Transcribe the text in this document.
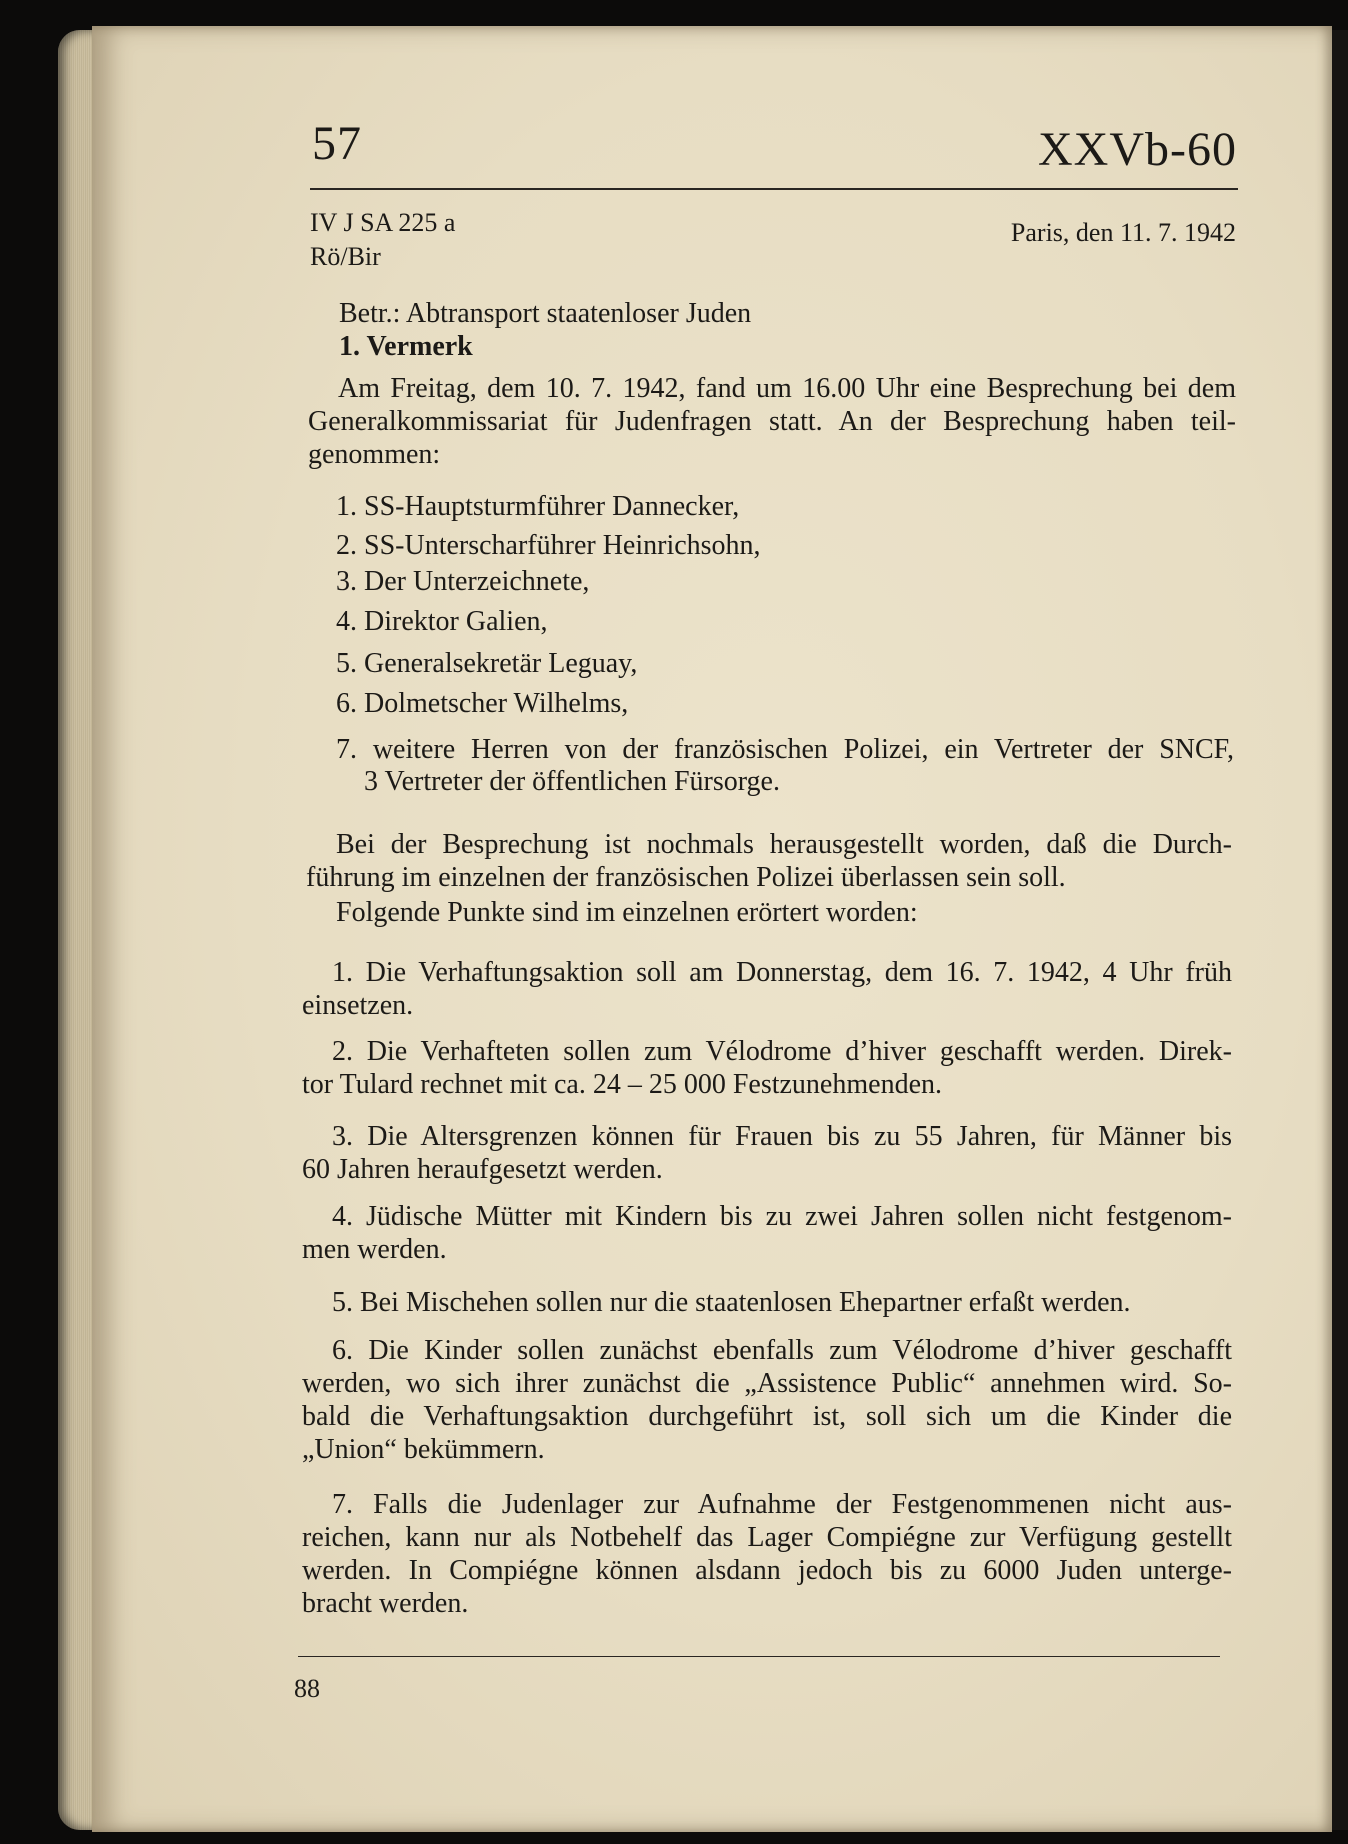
57	XXVb-60

IV J SA 225 a

Rö/Bir

Paris, den 11. 7. 1942

Betr.: Abtransport staatenloser Juden

1. Vermerk

Am Freitag, dem 10. 7. 1942, fand um 16.00 Uhr eine Besprechung bei dem
Generalkommissariat für Judenfragen statt. An der Besprechung haben teil-
genommen:

1. SS-Hauptsturmführer Dannecker,

2. SS-Unterscharführer Heinrichsohn,

3. Der Unterzeichnete,

4. Direktor Galien,

5. Generalsekretär Leguay,

6. Dolmetscher Wilhelms,

7. weitere Herren von der französischen Polizei, ein Vertreter der SNCF,

3 Vertreter der öffentlichen Fürsorge.

Bei der Besprechung ist nochmals herausgestellt worden, daß die Durch-
führung im einzelnen der französischen Polizei überlassen sein soll.

Folgende Punkte sind im einzelnen erörtert worden:

1. Die Verhaftungsaktion soll am Donnerstag, dem 16. 7. 1942, 4 Uhr früh
einsetzen.
2. Die Verhafteten sollen zum Vélodrome d’hiver geschafft werden. Direk-
tor Tulard rechnet mit ca. 24 – 25 000 Festzunehmenden.
3. Die Altersgrenzen können für Frauen bis zu 55 Jahren, für Männer bis
60 Jahren heraufgesetzt werden.
4. Jüdische Mütter mit Kindern bis zu zwei Jahren sollen nicht festgenom-
men werden.
5. Bei Mischehen sollen nur die staatenlosen Ehepartner erfaßt werden.
6. Die Kinder sollen zunächst ebenfalls zum Vélodrome d’hiver geschafft
werden, wo sich ihrer zunächst die „Assistence Public“ annehmen wird. So-
bald die Verhaftungsaktion durchgeführt ist, soll sich um die Kinder die
„Union“ bekümmern.
7. Falls die Judenlager zur Aufnahme der Festgenommenen nicht aus-
reichen, kann nur als Notbehelf das Lager Compiégne zur Verfügung gestellt
werden. In Compiégne können alsdann jedoch bis zu 6000 Juden unterge-
bracht werden.

88
